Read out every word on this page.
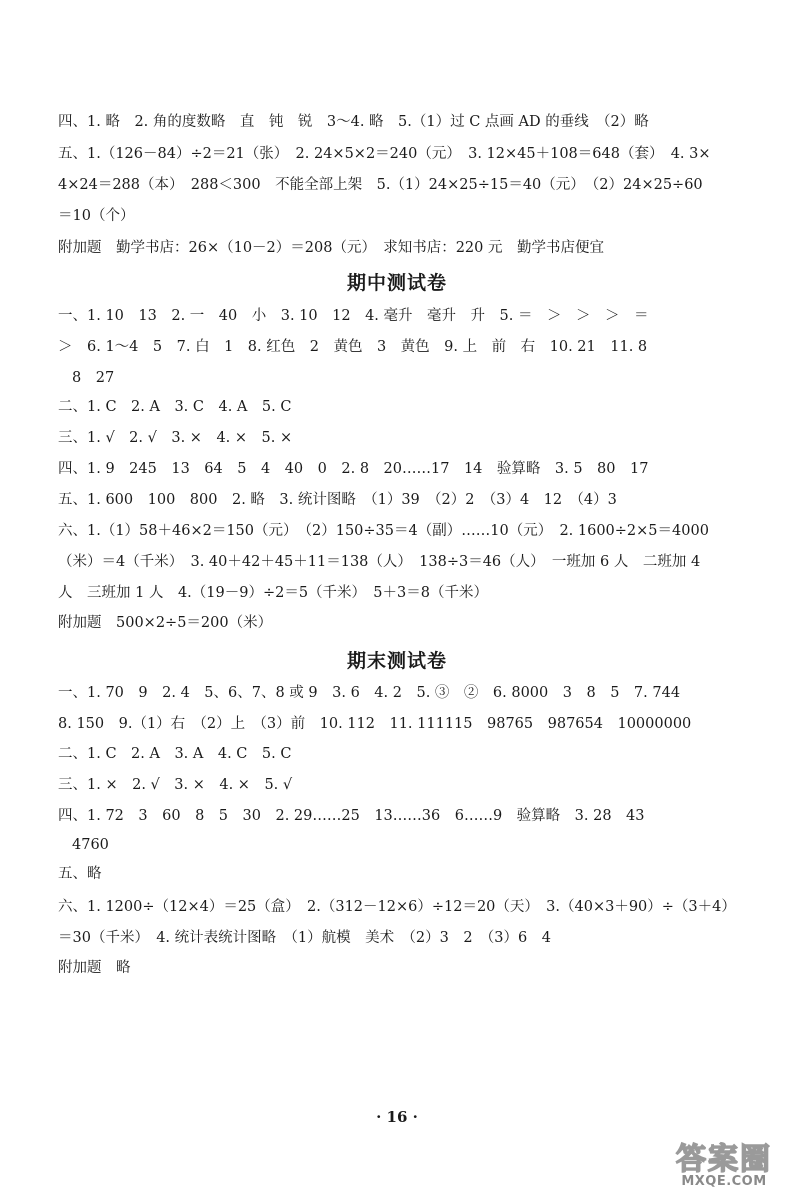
四、1. 略　2. 角的度数略　直　钝　锐　3～4. 略　5.（1）过 C 点画 AD 的垂线　（2）略
五、1.（126－84）÷2＝21（张）　2. 24×5×2＝240（元）　3. 12×45＋108＝648（套）　4. 3×
4×24＝288（本）　288＜300　不能全部上架　5.（1）24×25÷15＝40（元）　（2）24×25÷60
＝10（个）
附加题　勤学书店：26×（10－2）＝208（元）　求知书店：220 元　勤学书店便宜
期中测试卷
一、1. 10　13　2. 一　40　小　3. 10　12　4. 毫升　毫升　升　5. ＝　＞　＞　＞　＝
＞　6. 1～4　5　7. 白　1　8. 红色　2　黄色　3　黄色　9. 上　前　右　10. 21　11. 8
8　27
二、1. C　2. A　3. C　4. A　5. C
三、1. √　2. √　3. ×　4. ×　5. ×
四、1. 9　245　13　64　5　4　40　0　2. 8　20……17　14　验算略　3. 5　80　17
五、1. 600　100　800　2. 略　3. 统计图略　（1）39　（2）2　（3）4　12　（4）3
六、1.（1）58＋46×2＝150（元）　（2）150÷35＝4（副）……10（元）　2. 1600÷2×5＝4000
（米）＝4（千米）　3. 40＋42＋45＋11＝138（人）　138÷3＝46（人）　一班加 6 人　二班加 4
人　三班加 1 人　4.（19－9）÷2＝5（千米）　5＋3＝8（千米）
附加题　500×2÷5＝200（米）
期末测试卷
一、1. 70　9　2. 4　5、6、7、8 或 9　3. 6　4. 2　5. ③　②　6. 8000　3　8　5　7. 744
8. 150　9.（1）右　（2）上　（3）前　10. 112　11. 111115　98765　987654　10000000
二、1. C　2. A　3. A　4. C　5. C
三、1. ×　2. √　3. ×　4. ×　5. √
四、1. 72　3　60　8　5　30　2. 29……25　13……36　6……9　验算略　3. 28　43
4760
五、略
六、1. 1200÷（12×4）＝25（盒）　2.（312－12×6）÷12＝20（天）　3.（40×3＋90）÷（3＋4）
＝30（千米）　4. 统计表统计图略　（1）航模　美术　（2）3　2　（3）6　4
附加题　略
· 16 ·
答案圈
MXQE.COM
